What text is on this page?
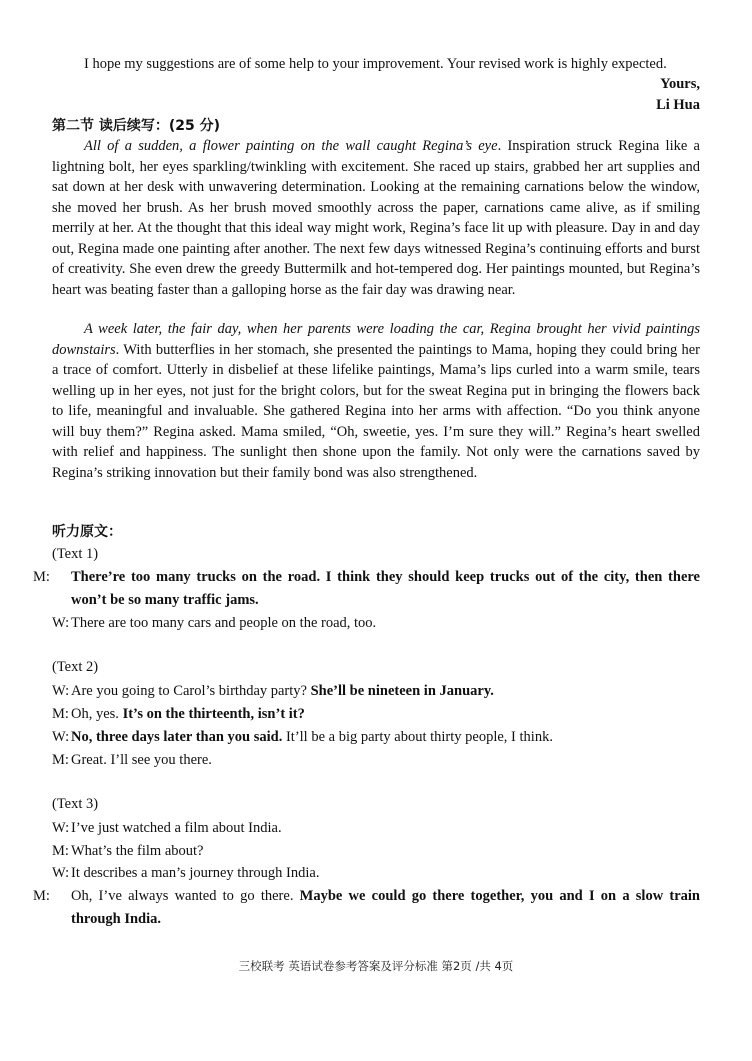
I hope my suggestions are of some help to your improvement. Your revised work is highly expected.
Yours,
Li Hua
第二节 读后续写：(25 分)
All of a sudden, a flower painting on the wall caught Regina’s eye. Inspiration struck Regina like a lightning bolt, her eyes sparkling/twinkling with excitement. She raced up stairs, grabbed her art supplies and sat down at her desk with unwavering determination. Looking at the remaining carnations below the window, she moved her brush. As her brush moved smoothly across the paper, carnations came alive, as if smiling merrily at her. At the thought that this ideal way might work, Regina’s face lit up with pleasure. Day in and day out, Regina made one painting after another. The next few days witnessed Regina’s continuing efforts and burst of creativity. She even drew the greedy Buttermilk and hot-tempered dog. Her paintings mounted, but Regina’s heart was beating faster than a galloping horse as the fair day was drawing near.
A week later, the fair day, when her parents were loading the car, Regina brought her vivid paintings downstairs. With butterflies in her stomach, she presented the paintings to Mama, hoping they could bring her a trace of comfort. Utterly in disbelief at these lifelike paintings, Mama’s lips curled into a warm smile, tears welling up in her eyes, not just for the bright colors, but for the sweat Regina put in bringing the flowers back to life, meaningful and invaluable. She gathered Regina into her arms with affection. “Do you think anyone will buy them?” Regina asked. Mama smiled, “Oh, sweetie, yes. I’m sure they will.” Regina’s heart swelled with relief and happiness. The sunlight then shone upon the family. Not only were the carnations saved by Regina’s striking innovation but their family bond was also strengthened.
听力原文：
(Text 1)
M: There’re too many trucks on the road. I think they should keep trucks out of the city, then there won’t be so many traffic jams.
W: There are too many cars and people on the road, too.
(Text 2)
W: Are you going to Carol’s birthday party? She’ll be nineteen in January.
M: Oh, yes. It’s on the thirteenth, isn’t it?
W: No, three days later than you said. It’ll be a big party about thirty people, I think.
M: Great. I’ll see you there.
(Text 3)
W: I’ve just watched a film about India.
M: What’s the film about?
W: It describes a man’s journey through India.
M: Oh, I’ve always wanted to go there. Maybe we could go there together, you and I on a slow train through India.
三校联考 英语试卷参考答案及评分标准 第2页 /共 4页
